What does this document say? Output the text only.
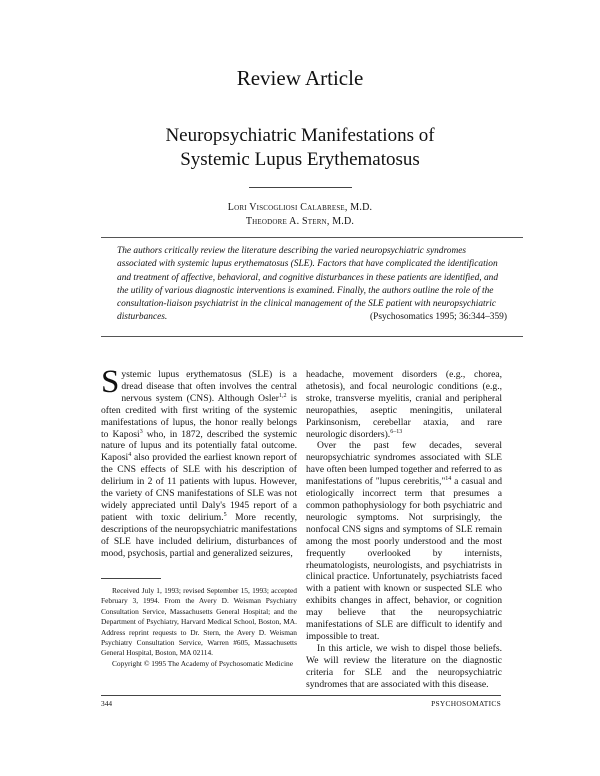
Review Article
Neuropsychiatric Manifestations of
Systemic Lupus Erythematosus
Lori Viscogliosi Calabrese, M.D.
Theodore A. Stern, M.D.
The authors critically review the literature describing the varied neuropsychiatric syndromes associated with systemic lupus erythematosus (SLE). Factors that have complicated the identification and treatment of affective, behavioral, and cognitive disturbances in these patients are identified, and the utility of various diagnostic interventions is examined. Finally, the authors outline the role of the consultation-liaison psychiatrist in the clinical management of the SLE patient with neuropsychiatric disturbances.	(Psychosomatics 1995; 36:344–359)

Systemic lupus erythematosus (SLE) is a dread disease that often involves the central nervous system (CNS). Although Osler$^{1,2}$ is often credited with first writing of the systemic manifestations of lupus, the honor really belongs to Kaposi$^3$ who, in 1872, described the systemic nature of lupus and its potentially fatal outcome. Kaposi$^4$ also provided the earliest known report of the CNS effects of SLE with his description of delirium in 2 of 11 patients with lupus. However, the variety of CNS manifestations of SLE was not widely appreciated until Daly's 1945 report of a patient with toxic delirium.$^5$ More recently, descriptions of the neuropsychiatric manifestations of SLE have included delirium, disturbances of mood, psychosis, partial and generalized seizures,

Received July 1, 1993; revised September 15, 1993; accepted February 3, 1994. From the Avery D. Weisman Psychiatry Consultation Service, Massachusetts General Hospital; and the Department of Psychiatry, Harvard Medical School, Boston, MA. Address reprint requests to Dr. Stern, the Avery D. Weisman Psychiatry Consultation Service, Warren #605, Massachusetts General Hospital, Boston, MA 02114.

Copyright © 1995 The Academy of Psychosomatic Medicine

headache, movement disorders (e.g., chorea, athetosis), and focal neurologic conditions (e.g., stroke, transverse myelitis, cranial and peripheral neuropathies, aseptic meningitis, unilateral Parkinsonism, cerebellar ataxia, and rare neurologic disorders).$^{6-13}$

Over the past few decades, several neuropsychiatric syndromes associated with SLE have often been lumped together and referred to as manifestations of "lupus cerebritis,"$^{14}$ a casual and etiologically incorrect term that presumes a common pathophysiology for both psychiatric and neurologic symptoms. Not surprisingly, the nonfocal CNS signs and symptoms of SLE remain among the most poorly understood and the most frequently overlooked by internists, rheumatologists, neurologists, and psychiatrists in clinical practice. Unfortunately, psychiatrists faced with a patient with known or suspected SLE who exhibits changes in affect, behavior, or cognition may believe that the neuropsychiatric manifestations of SLE are difficult to identify and impossible to treat.

In this article, we wish to dispel those beliefs. We will review the literature on the diagnostic criteria for SLE and the neuropsychiatric syndromes that are associated with this disease.

344	PSYCHOSOMATICS
